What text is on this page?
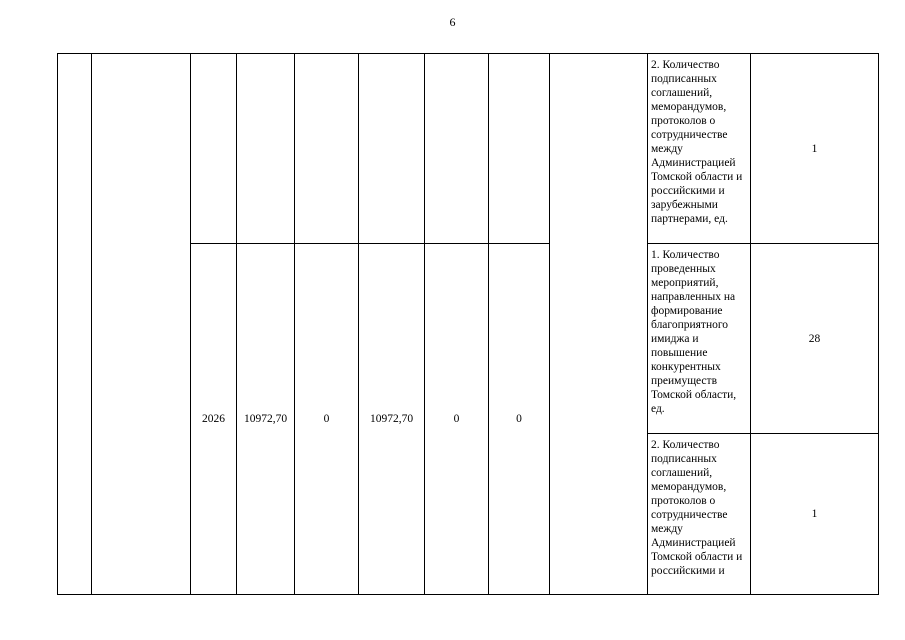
6
									2. Количество подписанных соглашений, меморандумов, протоколов о сотрудничестве между Администрацией Томской области и российскими и зарубежными партнерами, ед.	1
		2026	10972,70	0	10972,70	0	0		1. Количество проведенных мероприятий, направленных на формирование благоприятного имиджа и повышение конкурентных преимуществ Томской области, ед.	28

									2. Количество подписанных соглашений, меморандумов, протоколов о сотрудничестве между Администрацией Томской области и российскими и	1
